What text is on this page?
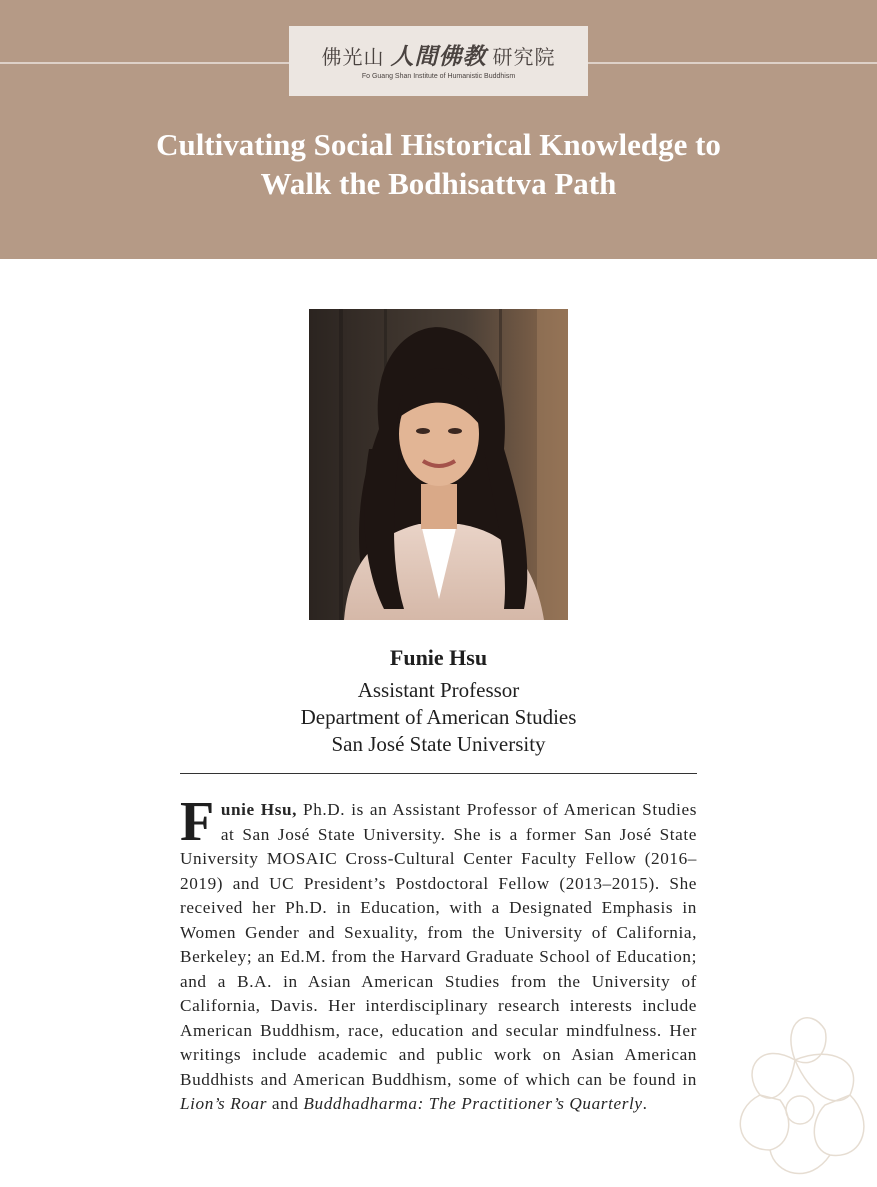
佛光山 人間佛教 研究院
Fo Guang Shan Institute of Humanistic Buddhism
Cultivating Social Historical Knowledge to
Walk the Bodhisattva Path
Funie Hsu
Assistant Professor
Department of American Studies
San José State University
Funie Hsu, Ph.D. is an Assistant Professor of American Studies at San José State University. She is a former San José State University MOSAIC Cross-Cultural Center Faculty Fellow (2016–2019) and UC President’s Postdoctoral Fellow (2013–2015). She received her Ph.D. in Education, with a Designated Emphasis in Women Gender and Sexuality, from the University of California, Berkeley; an Ed.M. from the Harvard Graduate School of Education; and a B.A. in Asian American Studies from the University of California, Davis. Her interdisciplinary research interests include American Buddhism, race, education and secular mindfulness. Her writings include academic and public work on Asian American Buddhists and American Buddhism, some of which can be found in Lion’s Roar and Buddhadharma: The Practitioner’s Quarterly.
